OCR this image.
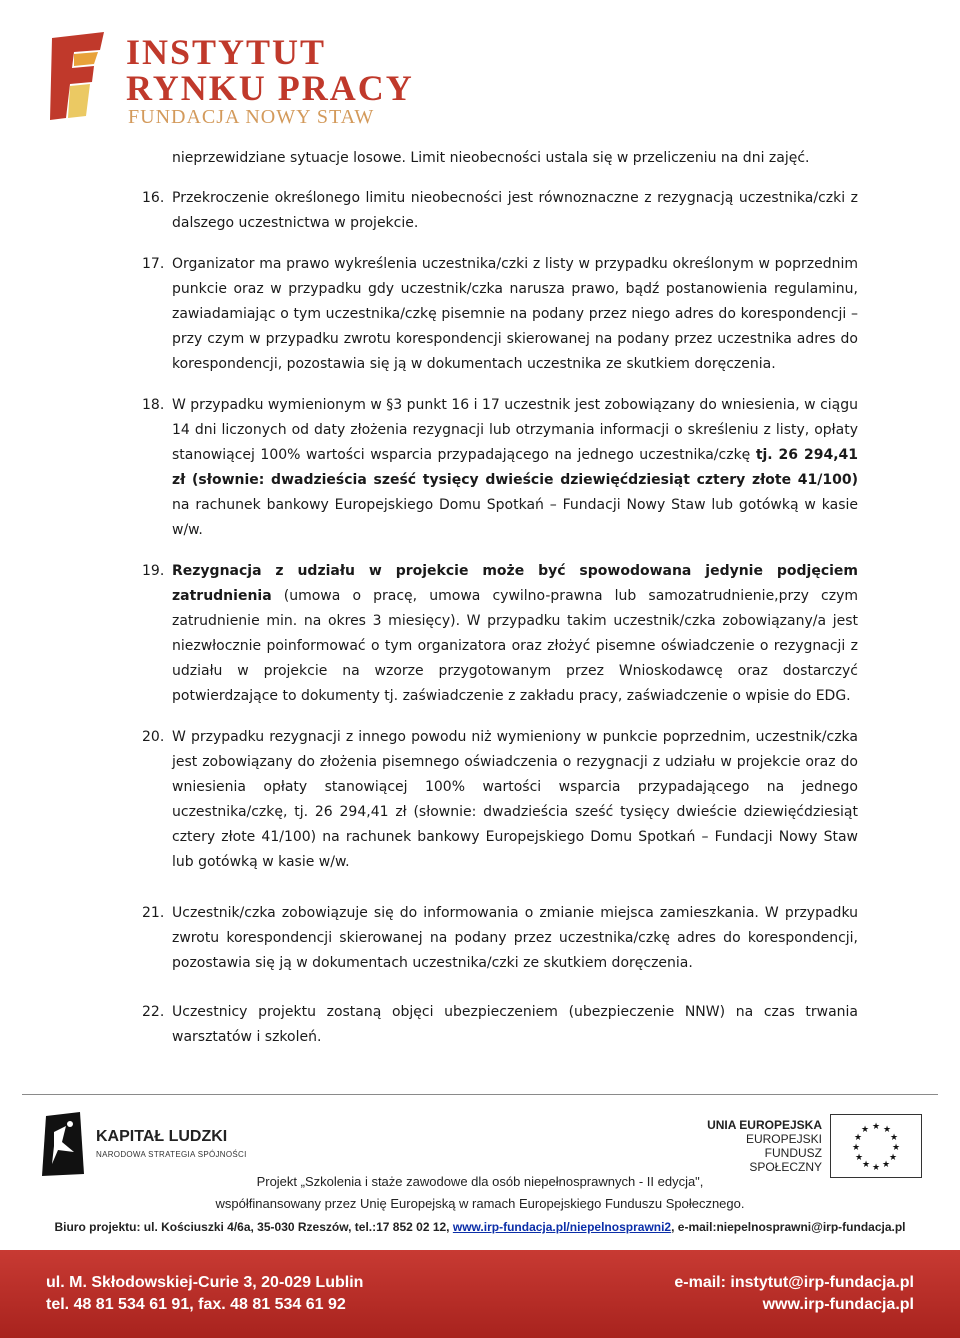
INSTYTUT
RYNKU PRACY
FUNDACJA NOWY STAW

nieprzewidziane sytuacje losowe. Limit nieobecności ustala się w przeliczeniu na dni zajęć.

16. Przekroczenie określonego limitu nieobecności jest równoznaczne z rezygnacją uczestnika/czki z dalszego uczestnictwa w projekcie.

17. Organizator ma prawo wykreślenia uczestnika/czki z listy w przypadku określonym w poprzednim punkcie oraz w przypadku gdy uczestnik/czka narusza prawo, bądź postanowienia regulaminu, zawiadamiając o tym uczestnika/czkę pisemnie na podany przez niego adres do korespondencji – przy czym w przypadku zwrotu korespondencji skierowanej na podany przez uczestnika adres do korespondencji, pozostawia się ją w dokumentach uczestnika ze skutkiem doręczenia.

18. W przypadku wymienionym w §3 punkt 16 i 17 uczestnik jest zobowiązany do wniesienia, w ciągu 14 dni liczonych od daty złożenia rezygnacji lub otrzymania informacji o skreśleniu z listy, opłaty stanowiącej 100% wartości wsparcia przypadającego na jednego uczestnika/czkę tj. 26 294,41 zł (słownie: dwadzieścia sześć tysięcy dwieście dziewięćdziesiąt cztery złote 41/100) na rachunek bankowy Europejskiego Domu Spotkań – Fundacji Nowy Staw lub gotówką w kasie w/w.

19. Rezygnacja z udziału w projekcie może być spowodowana jedynie podjęciem zatrudnienia (umowa o pracę, umowa cywilno-prawna lub samozatrudnienie,przy czym zatrudnienie min. na okres 3 miesięcy). W przypadku takim uczestnik/czka zobowiązany/a jest niezwłocznie poinformować o tym organizatora oraz złożyć pisemne oświadczenie o rezygnacji z udziału w projekcie na wzorze przygotowanym przez Wnioskodawcę oraz dostarczyć potwierdzające to dokumenty tj. zaświadczenie z zakładu pracy, zaświadczenie o wpisie do EDG.

20. W przypadku rezygnacji z innego powodu niż wymieniony w punkcie poprzednim, uczestnik/czka jest zobowiązany do złożenia pisemnego oświadczenia o rezygnacji z udziału w projekcie oraz do wniesienia opłaty stanowiącej 100% wartości wsparcia przypadającego na jednego uczestnika/czkę, tj. 26 294,41 zł (słownie: dwadzieścia sześć tysięcy dwieście dziewięćdziesiąt cztery złote 41/100) na rachunek bankowy Europejskiego Domu Spotkań – Fundacji Nowy Staw lub gotówką w kasie w/w.

21. Uczestnik/czka zobowiązuje się do informowania o zmianie miejsca zamieszkania. W przypadku zwrotu korespondencji skierowanej na podany przez uczestnika/czkę adres do korespondencji, pozostawia się ją w dokumentach uczestnika/czki ze skutkiem doręczenia.

22. Uczestnicy projektu zostaną objęci ubezpieczeniem (ubezpieczenie NNW) na czas trwania warsztatów i szkoleń.

KAPITAŁ LUDZKI
NARODOWA STRATEGIA SPÓJNOŚCI
UNIA EUROPEJSKA
EUROPEJSKI
FUNDUSZ SPOŁECZNY
★ ★
★
★
★
★
★
★
★
★
★
★
Projekt „Szkolenia i staże zawodowe dla osób niepełnosprawnych - II edycja",
współfinansowany przez Unię Europejską w ramach Europejskiego Funduszu Społecznego.
Biuro projektu: ul. Kościuszki 4/6a, 35-030 Rzeszów, tel.:17 852 02 12, www.irp-fundacja.pl/niepelnosprawni2, e-mail:niepelnosprawni@irp-fundacja.pl
ul. M. Skłodowskiej-Curie 3, 20-029 Lublin
tel. 48 81 534 61 91, fax. 48 81 534 61 92
e-mail: instytut@irp-fundacja.pl
www.irp-fundacja.pl
